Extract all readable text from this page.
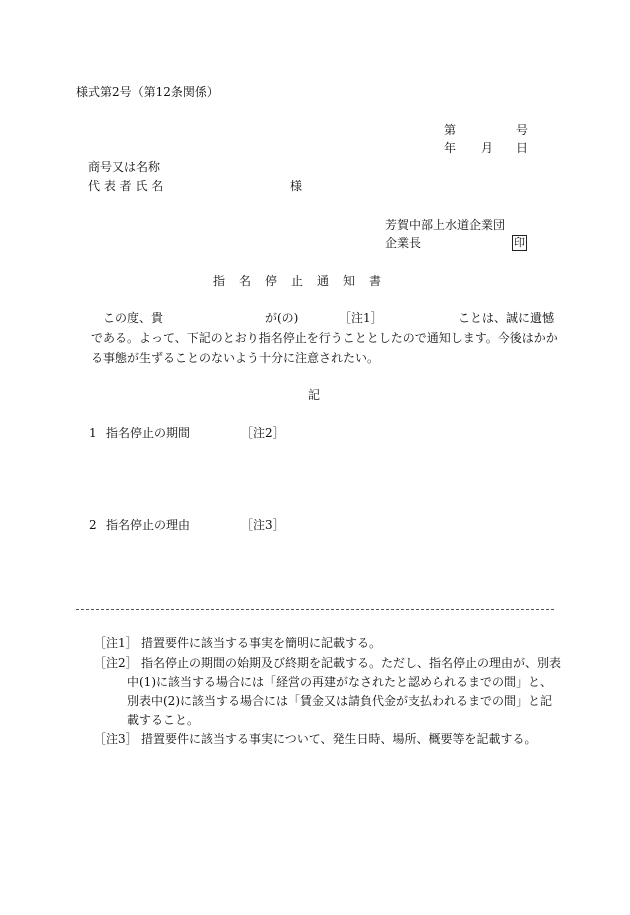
様式第2号（第12条関係）
第	号
年 月 日
商号又は名称
代 表 者 氏 名	様
芳賀中部上水道企業団
企業長	印
指　名　停　止　通　知　書
この度、貴	が(の)	［注1］	ことは、誠に遺憾
である。よって、下記のとおり指名停止を行うこととしたので通知します。今後はかか
る事態が生ずることのないよう十分に注意されたい。
記
1 指名停止の期間	［注2］
2 指名停止の理由	［注3］
［注1］ 措置要件に該当する事実を簡明に記載する。
［注2］ 指名停止の期間の始期及び終期を記載する。ただし、指名停止の理由が、別表
中(1)に該当する場合には「経営の再建がなされたと認められるまでの間」と、
別表中(2)に該当する場合には「賃金又は請負代金が支払われるまでの間」と記
載すること。
［注3］ 措置要件に該当する事実について、発生日時、場所、概要等を記載する。
